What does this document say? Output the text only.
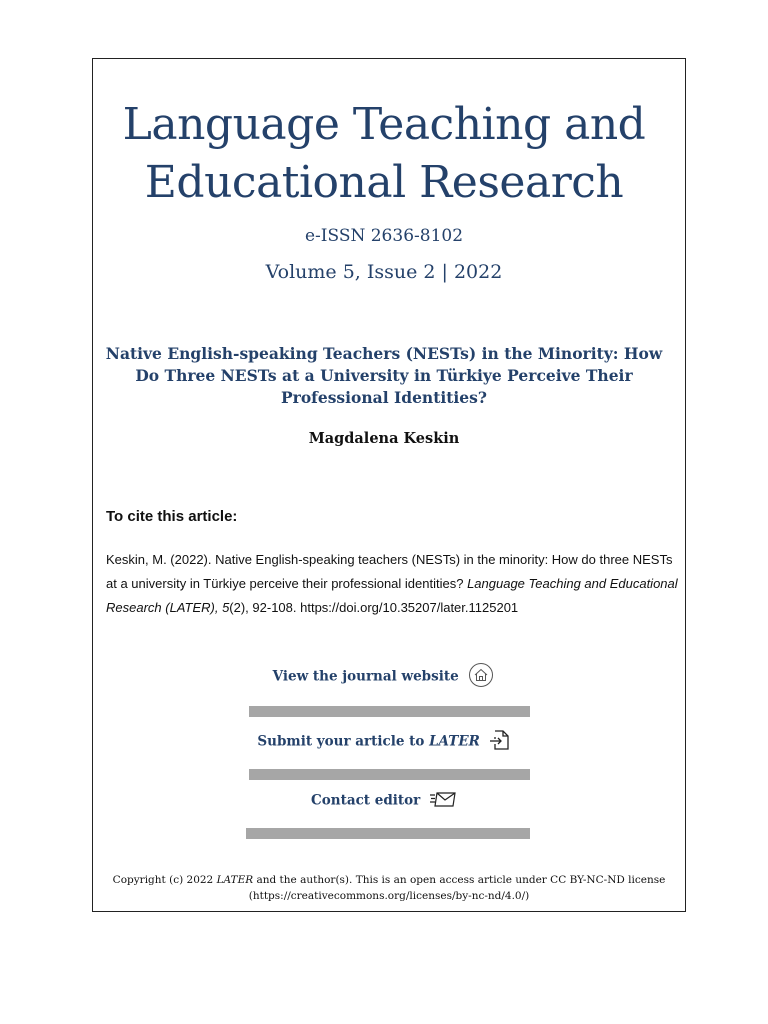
Language Teaching and
Educational Research
e-ISSN 2636-8102
Volume 5, Issue 2 | 2022
Native English-speaking Teachers (NESTs) in the Minority: How
Do Three NESTs at a University in Türkiye Perceive Their
Professional Identities?
Magdalena Keskin
To cite this article:
Keskin, M. (2022). Native English-speaking teachers (NESTs) in the minority: How do three NESTs at a university in Türkiye perceive their professional identities? Language Teaching and Educational Research (LATER), 5(2), 92-108. https://doi.org/10.35207/later.1125201
View the journal website
Submit your article to LATER
Contact editor
Copyright (c) 2022 LATER and the author(s). This is an open access article under CC BY-NC-ND license
(https://creativecommons.org/licenses/by-nc-nd/4.0/)
